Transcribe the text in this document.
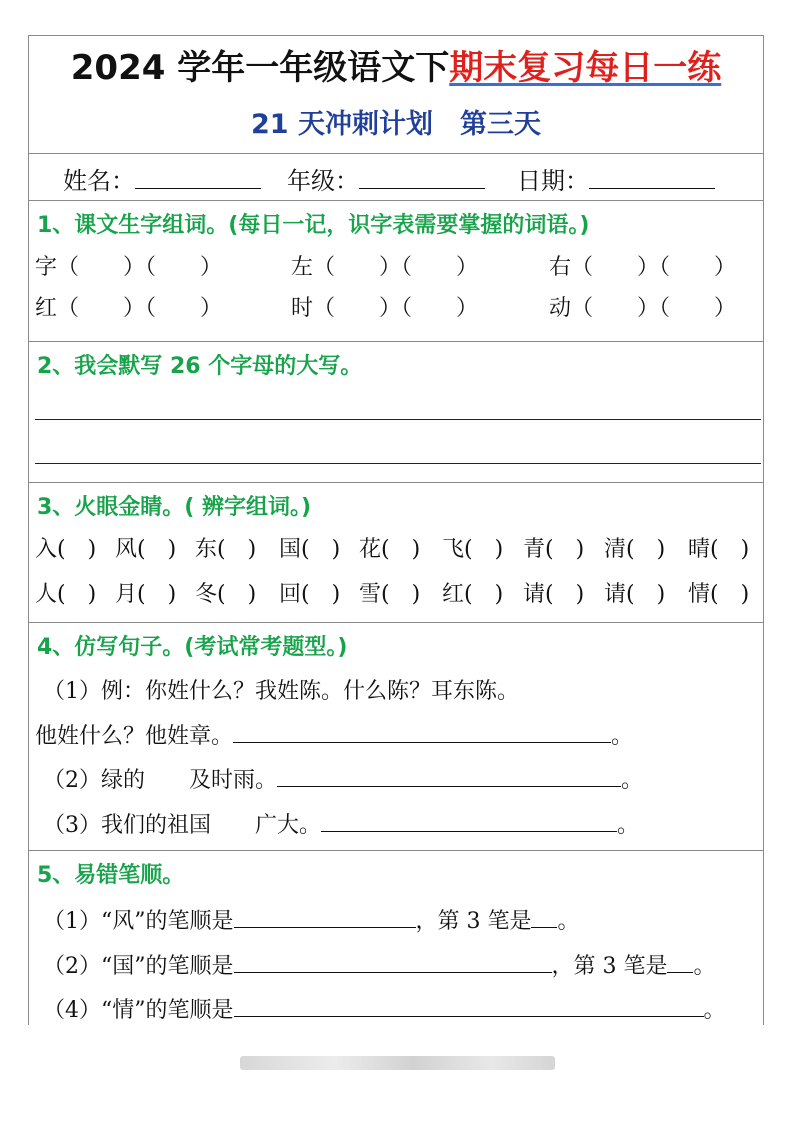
2024 学年一年级语文下期末复习每日一练
21 天冲刺计划　第三天
姓名：	年级：	日期：
1、课文生字组词。(每日一记，识字表需要掌握的词语。)
字（　　）（　　）	左（　　）（　　）	右（　　）（　　）
红（　　）（　　）	时（　　）（　　）	动（　　）（　　）
2、我会默写 26 个字母的大写。
3、火眼金睛。( 辨字组词。)
入(　) 风(　) 东(　) 国(　) 花(　) 飞(　) 青(　) 清(　) 晴(　)
人(　) 月(　) 冬(　) 回(　) 雪(　) 红(　) 请(　) 请(　) 情(　)
4、仿写句子。(考试常考题型。)
（1）例：你姓什么？我姓陈。什么陈？耳东陈。
他姓什么？他姓章。	。
（2）绿的　　 及时雨。	。
（3）我们的祖国　　 广大。	。
5、易错笔顺。
（1）“风”的笔顺是	，第 3 笔是 。
（2）“国”的笔顺是	，第 3 笔是 。
（4）“情”的笔顺是	。
